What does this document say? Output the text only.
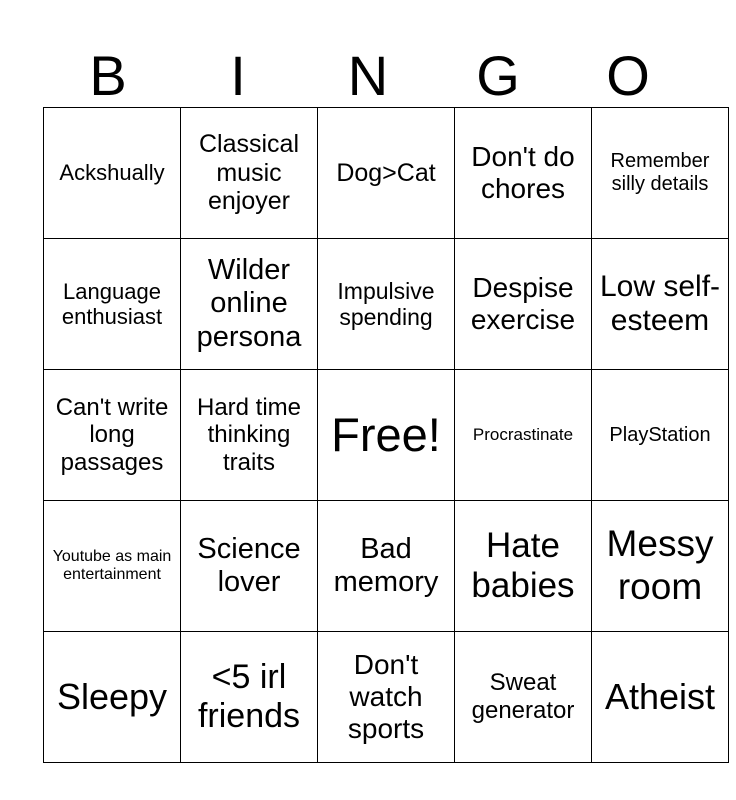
B	I	N	G	O
Ackshually	Classical music enjoyer	Dog>Cat	Don't do chores	Remember silly details
Language enthusiast	Wilder online persona	Impulsive spending	Despise exercise	Low self-esteem
Can't write long passages	Hard time thinking traits	Free!	Procrastinate	PlayStation
Youtube as main entertainment	Science lover	Bad memory	Hate babies	Messy room
Sleepy	<5 irl friends	Don't watch sports	Sweat generator	Atheist
